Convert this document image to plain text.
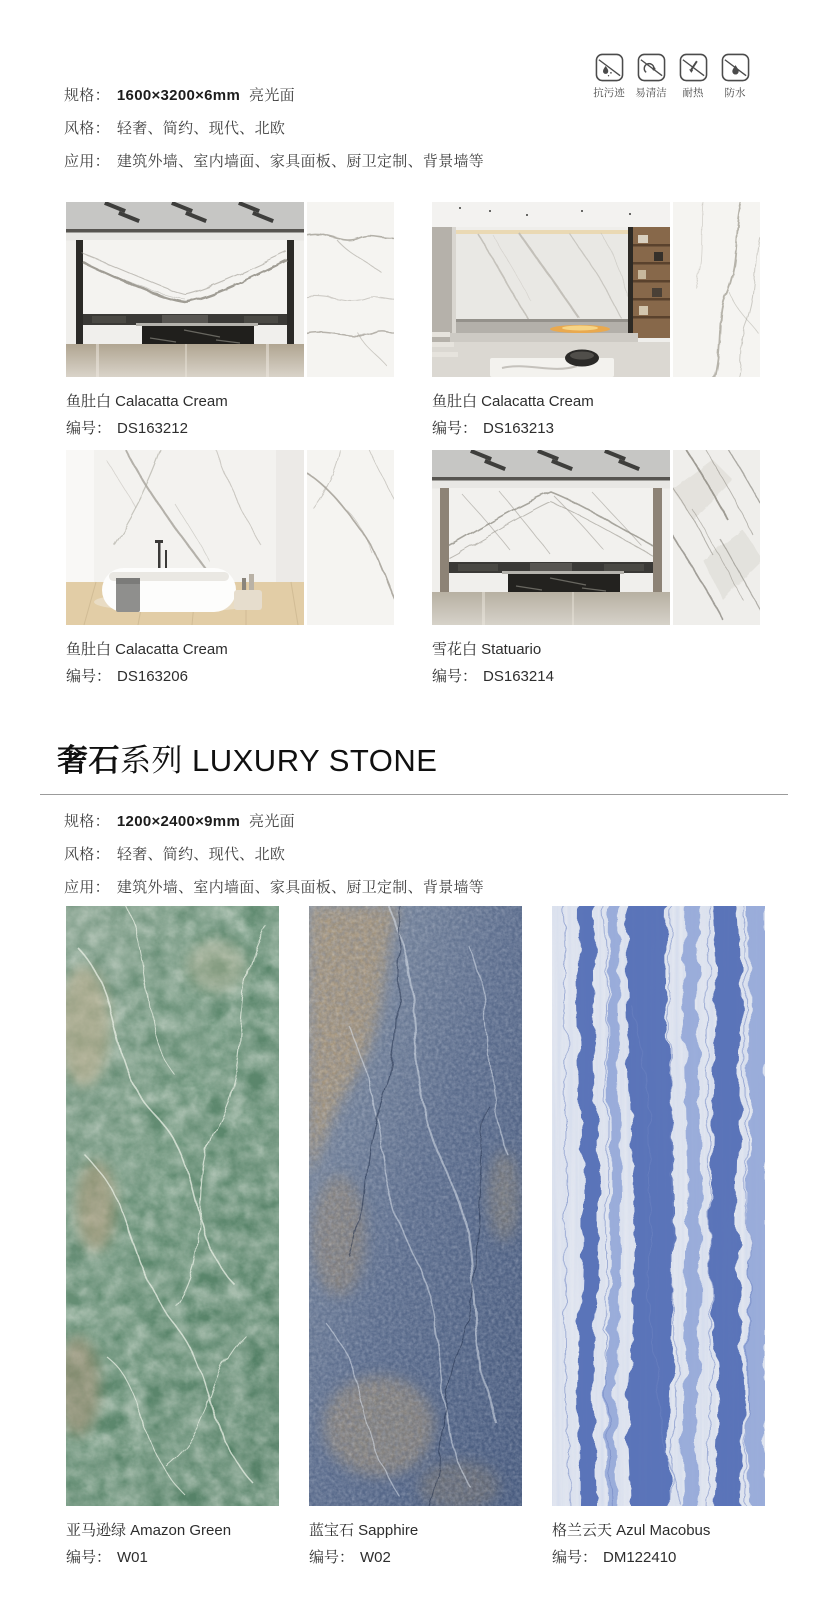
规格： 1600×3200×6mm 亮光面
风格： 轻奢、简约、现代、北欧
应用： 建筑外墙、室内墙面、家具面板、厨卫定制、背景墙等
抗污迹 易清洁 耐热 防水
鱼肚白 Calacatta Cream
编号： DS163212
鱼肚白 Calacatta Cream
编号： DS163213
鱼肚白 Calacatta Cream
编号： DS163206
雪花白 Statuario
编号： DS163214
奢石系列 LUXURY STONE
规格： 1200×2400×9mm 亮光面
风格： 轻奢、简约、现代、北欧
应用： 建筑外墙、室内墙面、家具面板、厨卫定制、背景墙等
亚马逊绿 Amazon Green
编号： W01
蓝宝石 Sapphire
编号： W02
格兰云天 Azul Macobus
编号： DM122410
